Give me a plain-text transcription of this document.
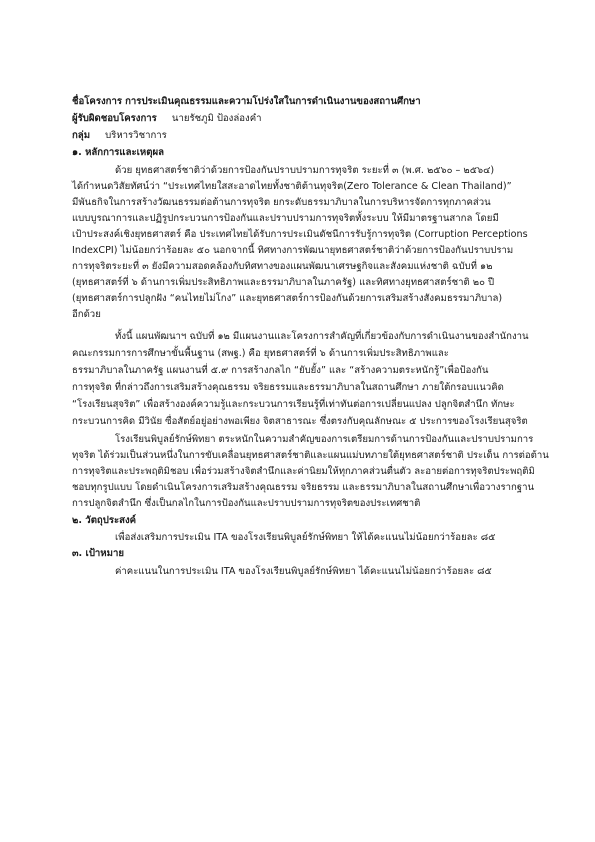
ชื่อโครงการ การประเมินคุณธรรมและความโปร่งใสในการดำเนินงานของสถานศึกษา
ผู้รับผิดชอบโครงการ นายรัชภูมิ ป้องล่องคำ
กลุ่ม บริหารวิชาการ
๑. หลักการและเหตุผล
ด้วย ยุทธศาสตร์ชาติว่าด้วยการป้องกันปราบปรามการทุจริต ระยะที่ ๓ (พ.ศ. ๒๕๖๐ – ๒๕๖๔)
ได้กำหนดวิสัยทัศน์ว่า “ประเทศไทยใสสะอาดไทยทั้งชาติต้านทุจริต(Zero Tolerance & Clean Thailand)”
มีพันธกิจในการสร้างวัฒนธรรมต่อต้านการทุจริต ยกระดับธรรมาภิบาลในการบริหารจัดการทุกภาคส่วน
แบบบูรณาการและปฏิรูปกระบวนการป้องกันและปราบปรามการทุจริตทั้งระบบ ให้มีมาตรฐานสากล โดยมี
เป้าประสงค์เชิงยุทธศาสตร์ คือ ประเทศไทยได้รับการประเมินดัชนีการรับรู้การทุจริต (Corruption Perceptions
IndexCPI) ไม่น้อยกว่าร้อยละ ๕๐ นอกจากนี้ ทิศทางการพัฒนายุทธศาสตร์ชาติว่าด้วยการป้องกันปราบปราม
การทุจริตระยะที่ ๓ ยังมีความสอดคล้องกับทิศทางของแผนพัฒนาเศรษฐกิจและสังคมแห่งชาติ ฉบับที่ ๑๒
(ยุทธศาสตร์ที่ ๖ ด้านการเพิ่มประสิทธิภาพและธรรมาภิบาลในภาครัฐ) และทิศทางยุทธศาสตร์ชาติ ๒๐ ปี
(ยุทธศาสตร์การปลูกฝัง “คนไทยไม่โกง” และยุทธศาสตร์การป้องกันด้วยการเสริมสร้างสังคมธรรมาภิบาล)
อีกด้วย
ทั้งนี้ แผนพัฒนาฯ ฉบับที่ ๑๒ มีแผนงานและโครงการสำคัญที่เกี่ยวข้องกับการดำเนินงานของสำนักงาน
คณะกรรมการการศึกษาขั้นพื้นฐาน (สพฐ.) คือ ยุทธศาสตร์ที่ ๖ ด้านการเพิ่มประสิทธิภาพและ
ธรรมาภิบาลในภาครัฐ แผนงานที่ ๕.๙ การสร้างกลไก “ยับยั้ง” และ “สร้างความตระหนักรู้”เพื่อป้องกัน
การทุจริต ที่กล่าวถึงการเสริมสร้างคุณธรรม จริยธรรมและธรรมาภิบาลในสถานศึกษา ภายใต้กรอบแนวคิด
“โรงเรียนสุจริต” เพื่อสร้างองค์ความรู้และกระบวนการเรียนรู้ที่เท่าทันต่อการเปลี่ยนแปลง ปลูกจิตสำนึก ทักษะ
กระบวนการคิด มีวินัย ซื่อสัตย์อยู่อย่างพอเพียง จิตสาธารณะ ซึ่งตรงกับคุณลักษณะ ๕ ประการของโรงเรียนสุจริต
โรงเรียนพิบูลย์รักษ์พิทยา ตระหนักในความสำคัญของการเตรียมการด้านการป้องกันและปราบปรามการ
ทุจริต ได้ร่วมเป็นส่วนหนึ่งในการขับเคลื่อนยุทธศาสตร์ชาติและแผนแม่บทภายใต้ยุทธศาสตร์ชาติ ประเด็น การต่อต้าน
การทุจริตและประพฤติมิชอบ เพื่อร่วมสร้างจิตสำนึกและค่านิยมให้ทุกภาคส่วนตื่นตัว ละอายต่อการทุจริตประพฤติมิ
ชอบทุกรูปแบบ โดยดำเนินโครงการเสริมสร้างคุณธรรม จริยธรรม และธรรมาภิบาลในสถานศึกษาเพื่อวางรากฐาน
การปลูกจิตสำนึก ซึ่งเป็นกลไกในการป้องกันและปราบปรามการทุจริตของประเทศชาติ
๒. วัตถุประสงค์
เพื่อส่งเสริมการประเมิน ITA ของโรงเรียนพิบูลย์รักษ์พิทยา ให้ได้คะแนนไม่น้อยกว่าร้อยละ ๘๕
๓. เป้าหมาย
ค่าคะแนนในการประเมิน ITA ของโรงเรียนพิบูลย์รักษ์พิทยา ได้คะแนนไม่น้อยกว่าร้อยละ ๘๕
